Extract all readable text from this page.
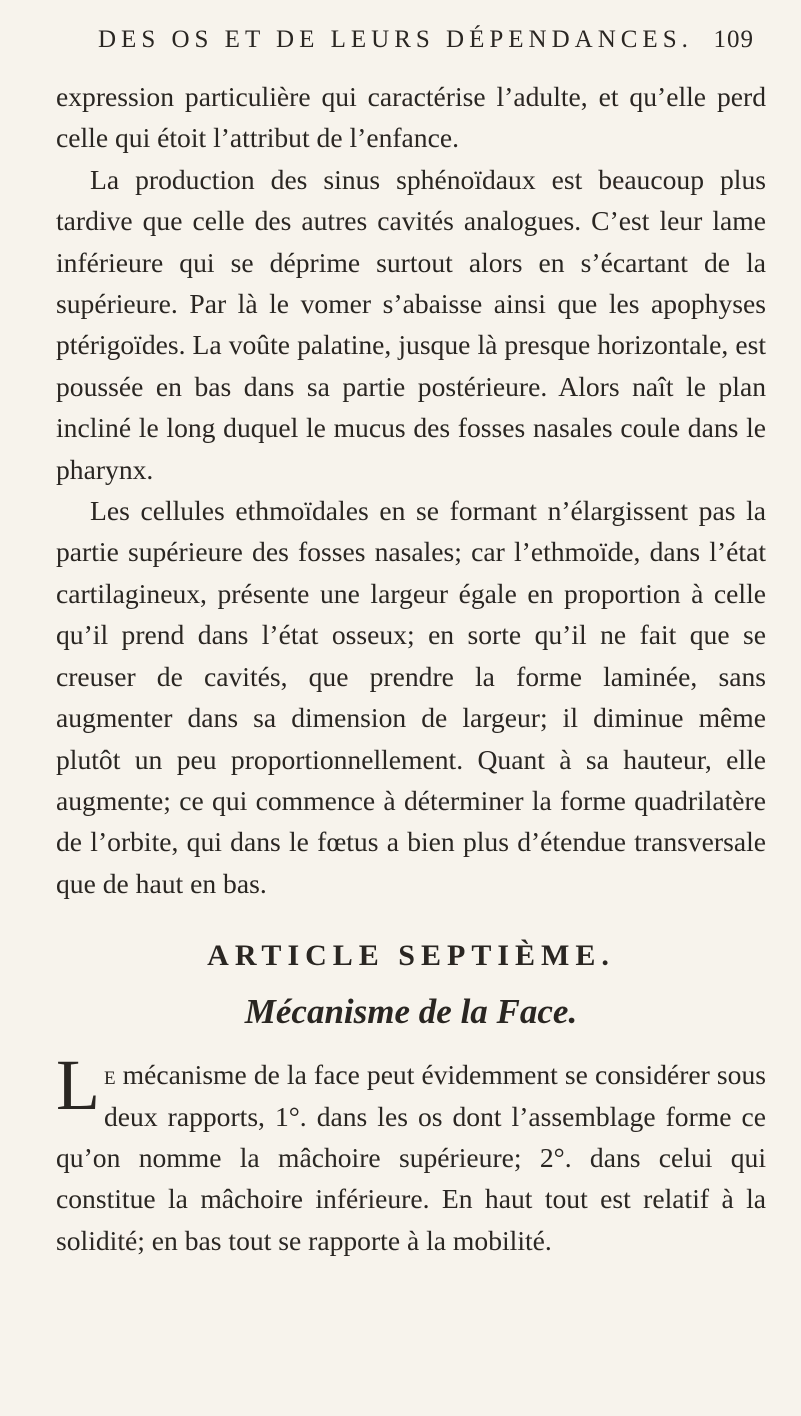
DES OS ET DE LEURS DÉPENDANCES. 109

expression particulière qui caractérise l’adulte, et qu’elle perd celle qui étoit l’attribut de l’enfance.

La production des sinus sphénoïdaux est beaucoup plus tardive que celle des autres cavités analogues. C’est leur lame inférieure qui se déprime surtout alors en s’écartant de la supérieure. Par là le vomer s’abaisse ainsi que les apophyses ptérigoïdes. La voûte palatine, jusque là presque horizontale, est poussée en bas dans sa partie postérieure. Alors naît le plan incliné le long duquel le mucus des fosses nasales coule dans le pharynx.

Les cellules ethmoïdales en se formant n’élargissent pas la partie supérieure des fosses nasales; car l’ethmoïde, dans l’état cartilagineux, présente une largeur égale en proportion à celle qu’il prend dans l’état osseux; en sorte qu’il ne fait que se creuser de cavités, que prendre la forme laminée, sans augmenter dans sa dimension de largeur; il diminue même plutôt un peu proportionnellement. Quant à sa hauteur, elle augmente; ce qui commence à déterminer la forme quadrilatère de l’orbite, qui dans le fœtus a bien plus d’étendue transversale que de haut en bas.

ARTICLE SEPTIÈME.
Mécanisme de la Face.

Le mécanisme de la face peut évidemment se considérer sous deux rapports, 1°. dans les os dont l’assemblage forme ce qu’on nomme la mâchoire supérieure; 2°. dans celui qui constitue la mâchoire inférieure. En haut tout est relatif à la solidité; en bas tout se rapporte à la mobilité.
